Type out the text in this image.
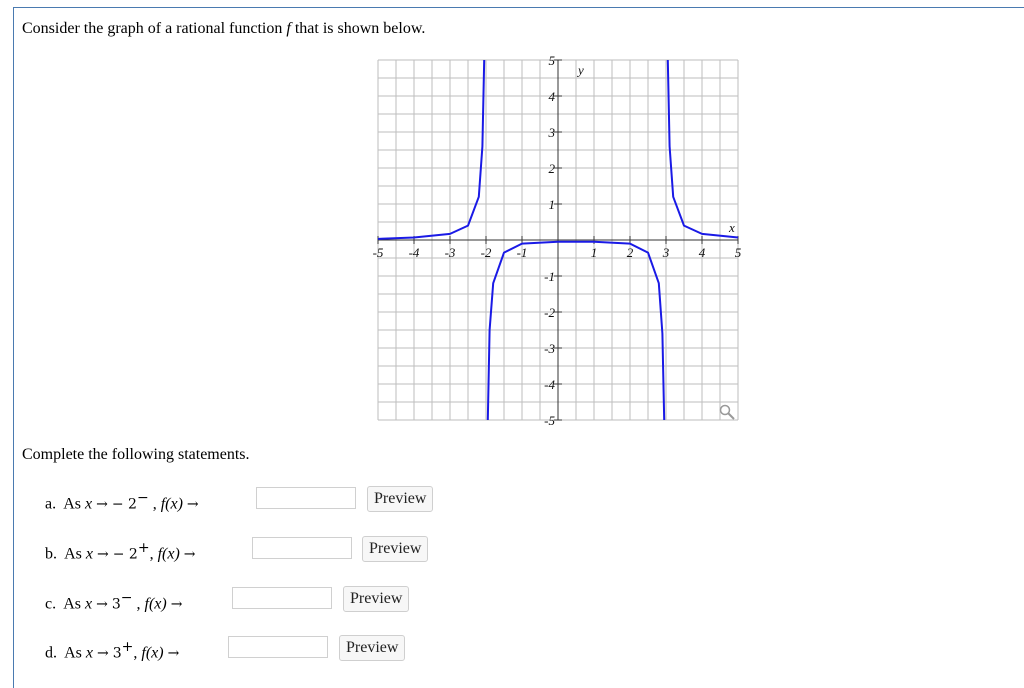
Consider the graph of a rational function f that is shown below.
-5 -4 -3 -2 -1	1 2 3 4 5
5
4
3
2
1
-1
-2
-3
-4
-5
x
y
Complete the following statements.
a. As x → − 2− , f(x) →	Preview
b. As x → − 2+, f(x) →	Preview
c. As x → 3− , f(x) →	Preview
d. As x → 3+, f(x) →	Preview
